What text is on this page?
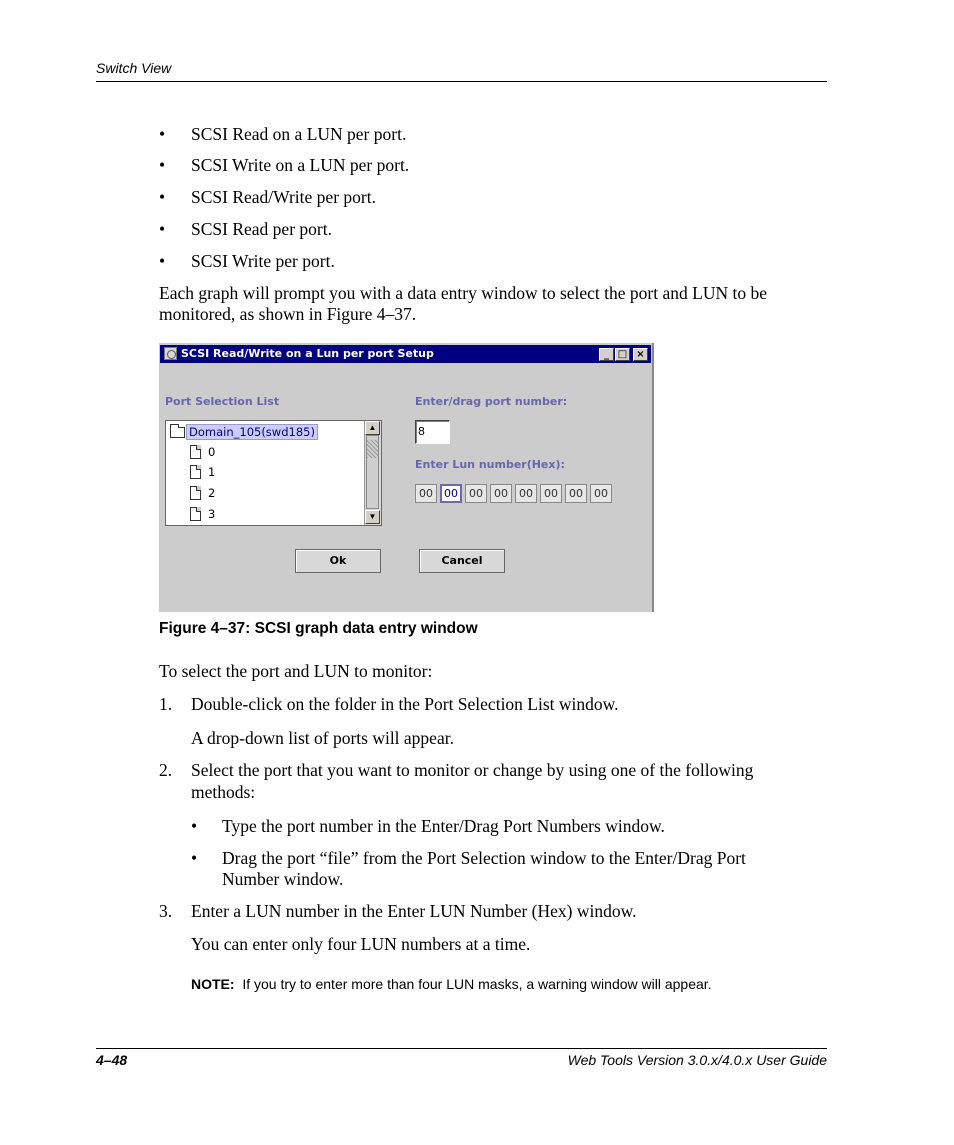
Switch View
• SCSI Read on a LUN per port.
• SCSI Write on a LUN per port.
• SCSI Read/Write per port.
• SCSI Read per port.
• SCSI Write per port.
Each graph will prompt you with a data entry window to select the port and LUN to be
monitored, as shown in Figure 4–37.
SCSI Read/Write on a Lun per port Setup	_ □ ×
Port Selection List
Domain_105(swd185)
0
1
2
3
▲
▼
Enter/drag port number:
8
Enter Lun number(Hex):
00	00	00	00	00	00	00	00
Ok	Cancel
Figure 4–37: SCSI graph data entry window
To select the port and LUN to monitor:
1. Double-click on the folder in the Port Selection List window.
A drop-down list of ports will appear.
2. Select the port that you want to monitor or change by using one of the following
methods:
• Type the port number in the Enter/Drag Port Numbers window.
• Drag the port “file” from the Port Selection window to the Enter/Drag Port
Number window.
3. Enter a LUN number in the Enter LUN Number (Hex) window.
You can enter only four LUN numbers at a time.
NOTE: If you try to enter more than four LUN masks, a warning window will appear.
4–48	Web Tools Version 3.0.x/4.0.x User Guide
